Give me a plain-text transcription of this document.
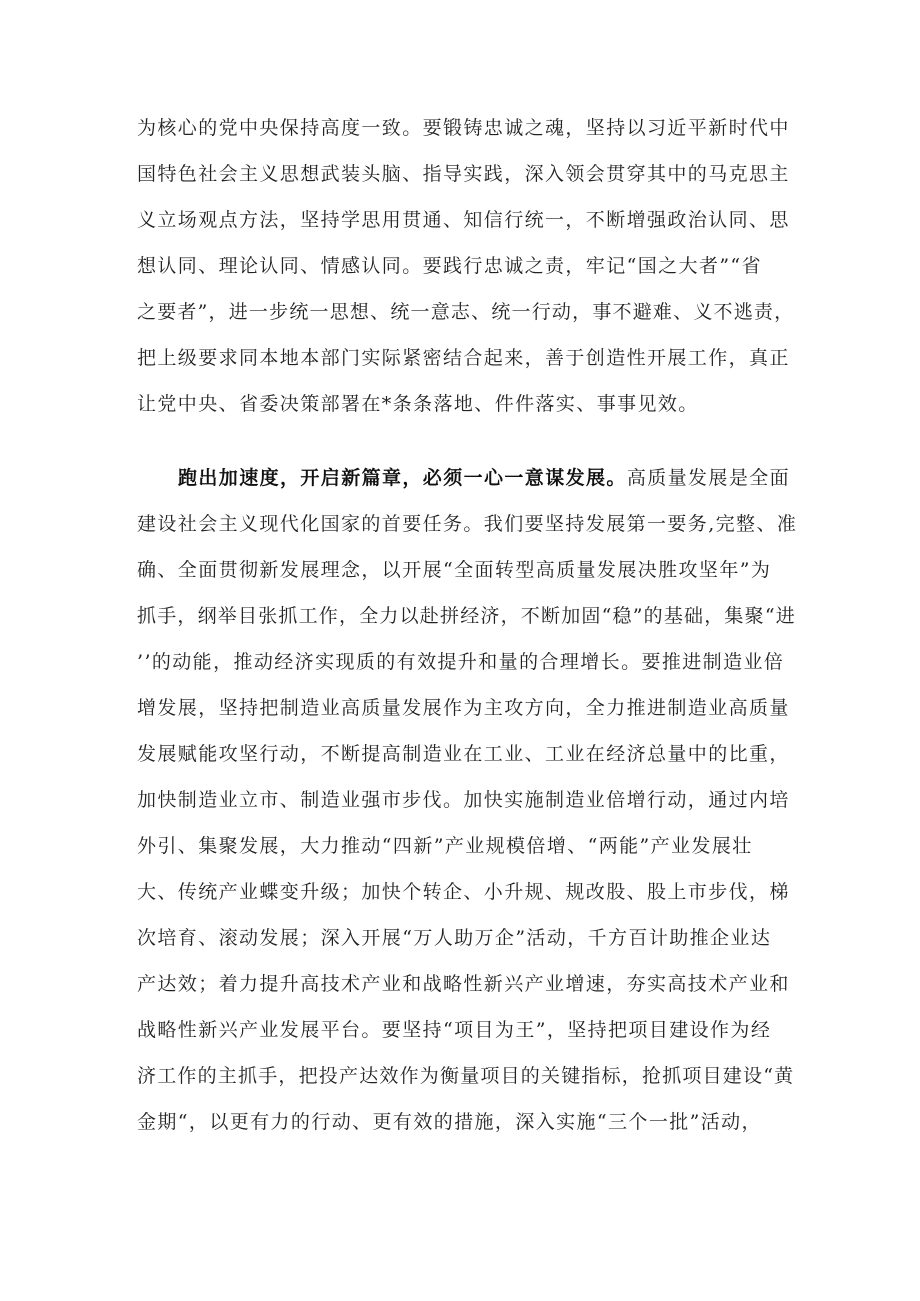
为核心的党中央保持高度一致。要锻铸忠诚之魂，坚持以习近平新时代中
国特色社会主义思想武装头脑、指导实践，深入领会贯穿其中的马克思主
义立场观点方法，坚持学思用贯通、知信行统一，不断增强政治认同、思
想认同、理论认同、情感认同。要践行忠诚之责，牢记“国之大者”“省
之要者”，进一步统一思想、统一意志、统一行动，事不避难、义不逃责，
把上级要求同本地本部门实际紧密结合起来，善于创造性开展工作，真正
让党中央、省委决策部署在*条条落地、件件落实、事事见效。
跑出加速度，开启新篇章，必须一心一意谋发展。高质量发展是全面
建设社会主义现代化国家的首要任务。我们要坚持发展第一要务,完整、准
确、全面贯彻新发展理念，以开展“全面转型高质量发展决胜攻坚年”为
抓手，纲举目张抓工作，全力以赴拼经济，不断加固“稳”的基础，集聚“进
’’的动能，推动经济实现质的有效提升和量的合理增长。要推进制造业倍
增发展，坚持把制造业高质量发展作为主攻方向，全力推进制造业高质量
发展赋能攻坚行动，不断提高制造业在工业、工业在经济总量中的比重，
加快制造业立市、制造业强市步伐。加快实施制造业倍增行动，通过内培
外引、集聚发展，大力推动“四新”产业规模倍增、“两能”产业发展壮
大、传统产业蝶变升级；加快个转企、小升规、规改股、股上市步伐，梯
次培育、滚动发展；深入开展“万人助万企”活动，千方百计助推企业达
产达效；着力提升高技术产业和战略性新兴产业增速，夯实高技术产业和
战略性新兴产业发展平台。要坚持“项目为王”，坚持把项目建设作为经
济工作的主抓手，把投产达效作为衡量项目的关键指标，抢抓项目建设“黄
金期“，以更有力的行动、更有效的措施，深入实施“三个一批”活动，
